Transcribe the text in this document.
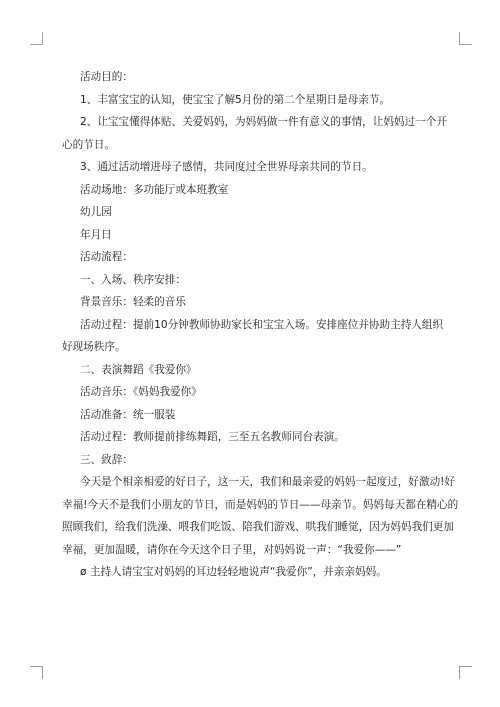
活动目的：

1、丰富宝宝的认知，使宝宝了解5月份的第二个星期日是母亲节。

2、让宝宝懂得体贴、关爱妈妈，为妈妈做一件有意义的事情，让妈妈过一个开

心的节日。

3、通过活动增进母子感情，共同度过全世界母亲共同的节日。

活动场地：多功能厅或本班教室

幼儿园

年月日

活动流程：

一、入场、秩序安排：

背景音乐：轻柔的音乐

活动过程：提前10分钟教师协助家长和宝宝入场。安排座位并协助主持人组织

好现场秩序。

二、表演舞蹈《我爱你》

活动音乐：《妈妈我爱你》

活动准备：统一服装

活动过程：教师提前排练舞蹈，三至五名教师同台表演。

三、致辞：

今天是个相亲相爱的好日子，这一天，我们和最亲爱的妈妈一起度过，好激动!好

幸福!今天不是我们小朋友的节日，而是妈妈的节日——母亲节。妈妈每天都在精心的

照顾我们，给我们洗澡、喂我们吃饭、陪我们游戏、哄我们睡觉，因为妈妈我们更加

幸福，更加温暖，请你在今天这个日子里，对妈妈说一声：“我爱你——”

ø 主持人请宝宝对妈妈的耳边轻轻地说声“我爱你”，并亲亲妈妈。
